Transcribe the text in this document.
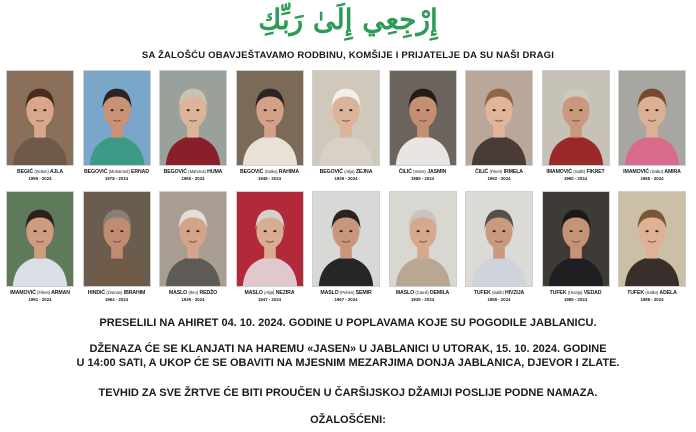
إِرْجِعِي إِلَىٰ رَبِّكِ
SA ŽALOŠĆU OBAVJEŠTAVAMO RODBINU, KOMŠIJE I PRIJATELJE DA SU NAŠI DRAGI
BEGIĆ (Selam) AJLA
1995 - 2024
BEGOVIĆ (Muhamed) ERNAD
1978 - 2024
BEGOVIĆ (Mahmut) HUMA
1965 - 2024
BEGOVIĆ (Salko) RAHIMA
1948 - 2024
BEGOVIĆ (Alija) ZEJNA
1939 - 2024
ČILIĆ (Ismet) JASMIN
1986 - 2024
ČILIĆ (Fikret) IRMELA
1992 - 2024
IMAMOVIĆ (Salih) FIKRET
1960 - 2024
IMAMOVIĆ (Salko) AMIRA
1965 - 2024
IMAMOVIĆ (Fikret) ARMAN
1991 - 2024
HINDIĆ (Osman) IBRAHIM
1964 - 2024
MASLO (Ibro) REDŽO
1939 - 2024
MASLO (Alija) NEZIRA
1947 - 2024
MASLO (Pehim) SEMIR
1967 - 2024
MASLO (Camil) DEMILA
1939 - 2024
TUFEK (Salih) HIVZIJA
1959 - 2024
TUFEK (Hivzija) VEDAD
1985 - 2024
TUFEK (Salko) ADELA
1988 - 2024
PRESELILI NA AHIRET 04. 10. 2024. GODINE U POPLAVAMA KOJE SU POGODILE JABLANICU.
DŽENAZA ĆE SE KLANJATI NA HAREMU «JASEN» U JABLANICI U UTORAK, 15. 10. 2024. GODINE
U 14:00 SATI, A UKOP ĆE SE OBAVITI NA MJESNIM MEZARJIMA DONJA JABLANICA, DJEVOR I ZLATE.
TEVHID ZA SVE ŽRTVE ĆE BITI PROUČEN U ČARŠIJSKOJ DŽAMIJI POSLIJE PODNE NAMAZA.
OŽALOŠĆENI:
